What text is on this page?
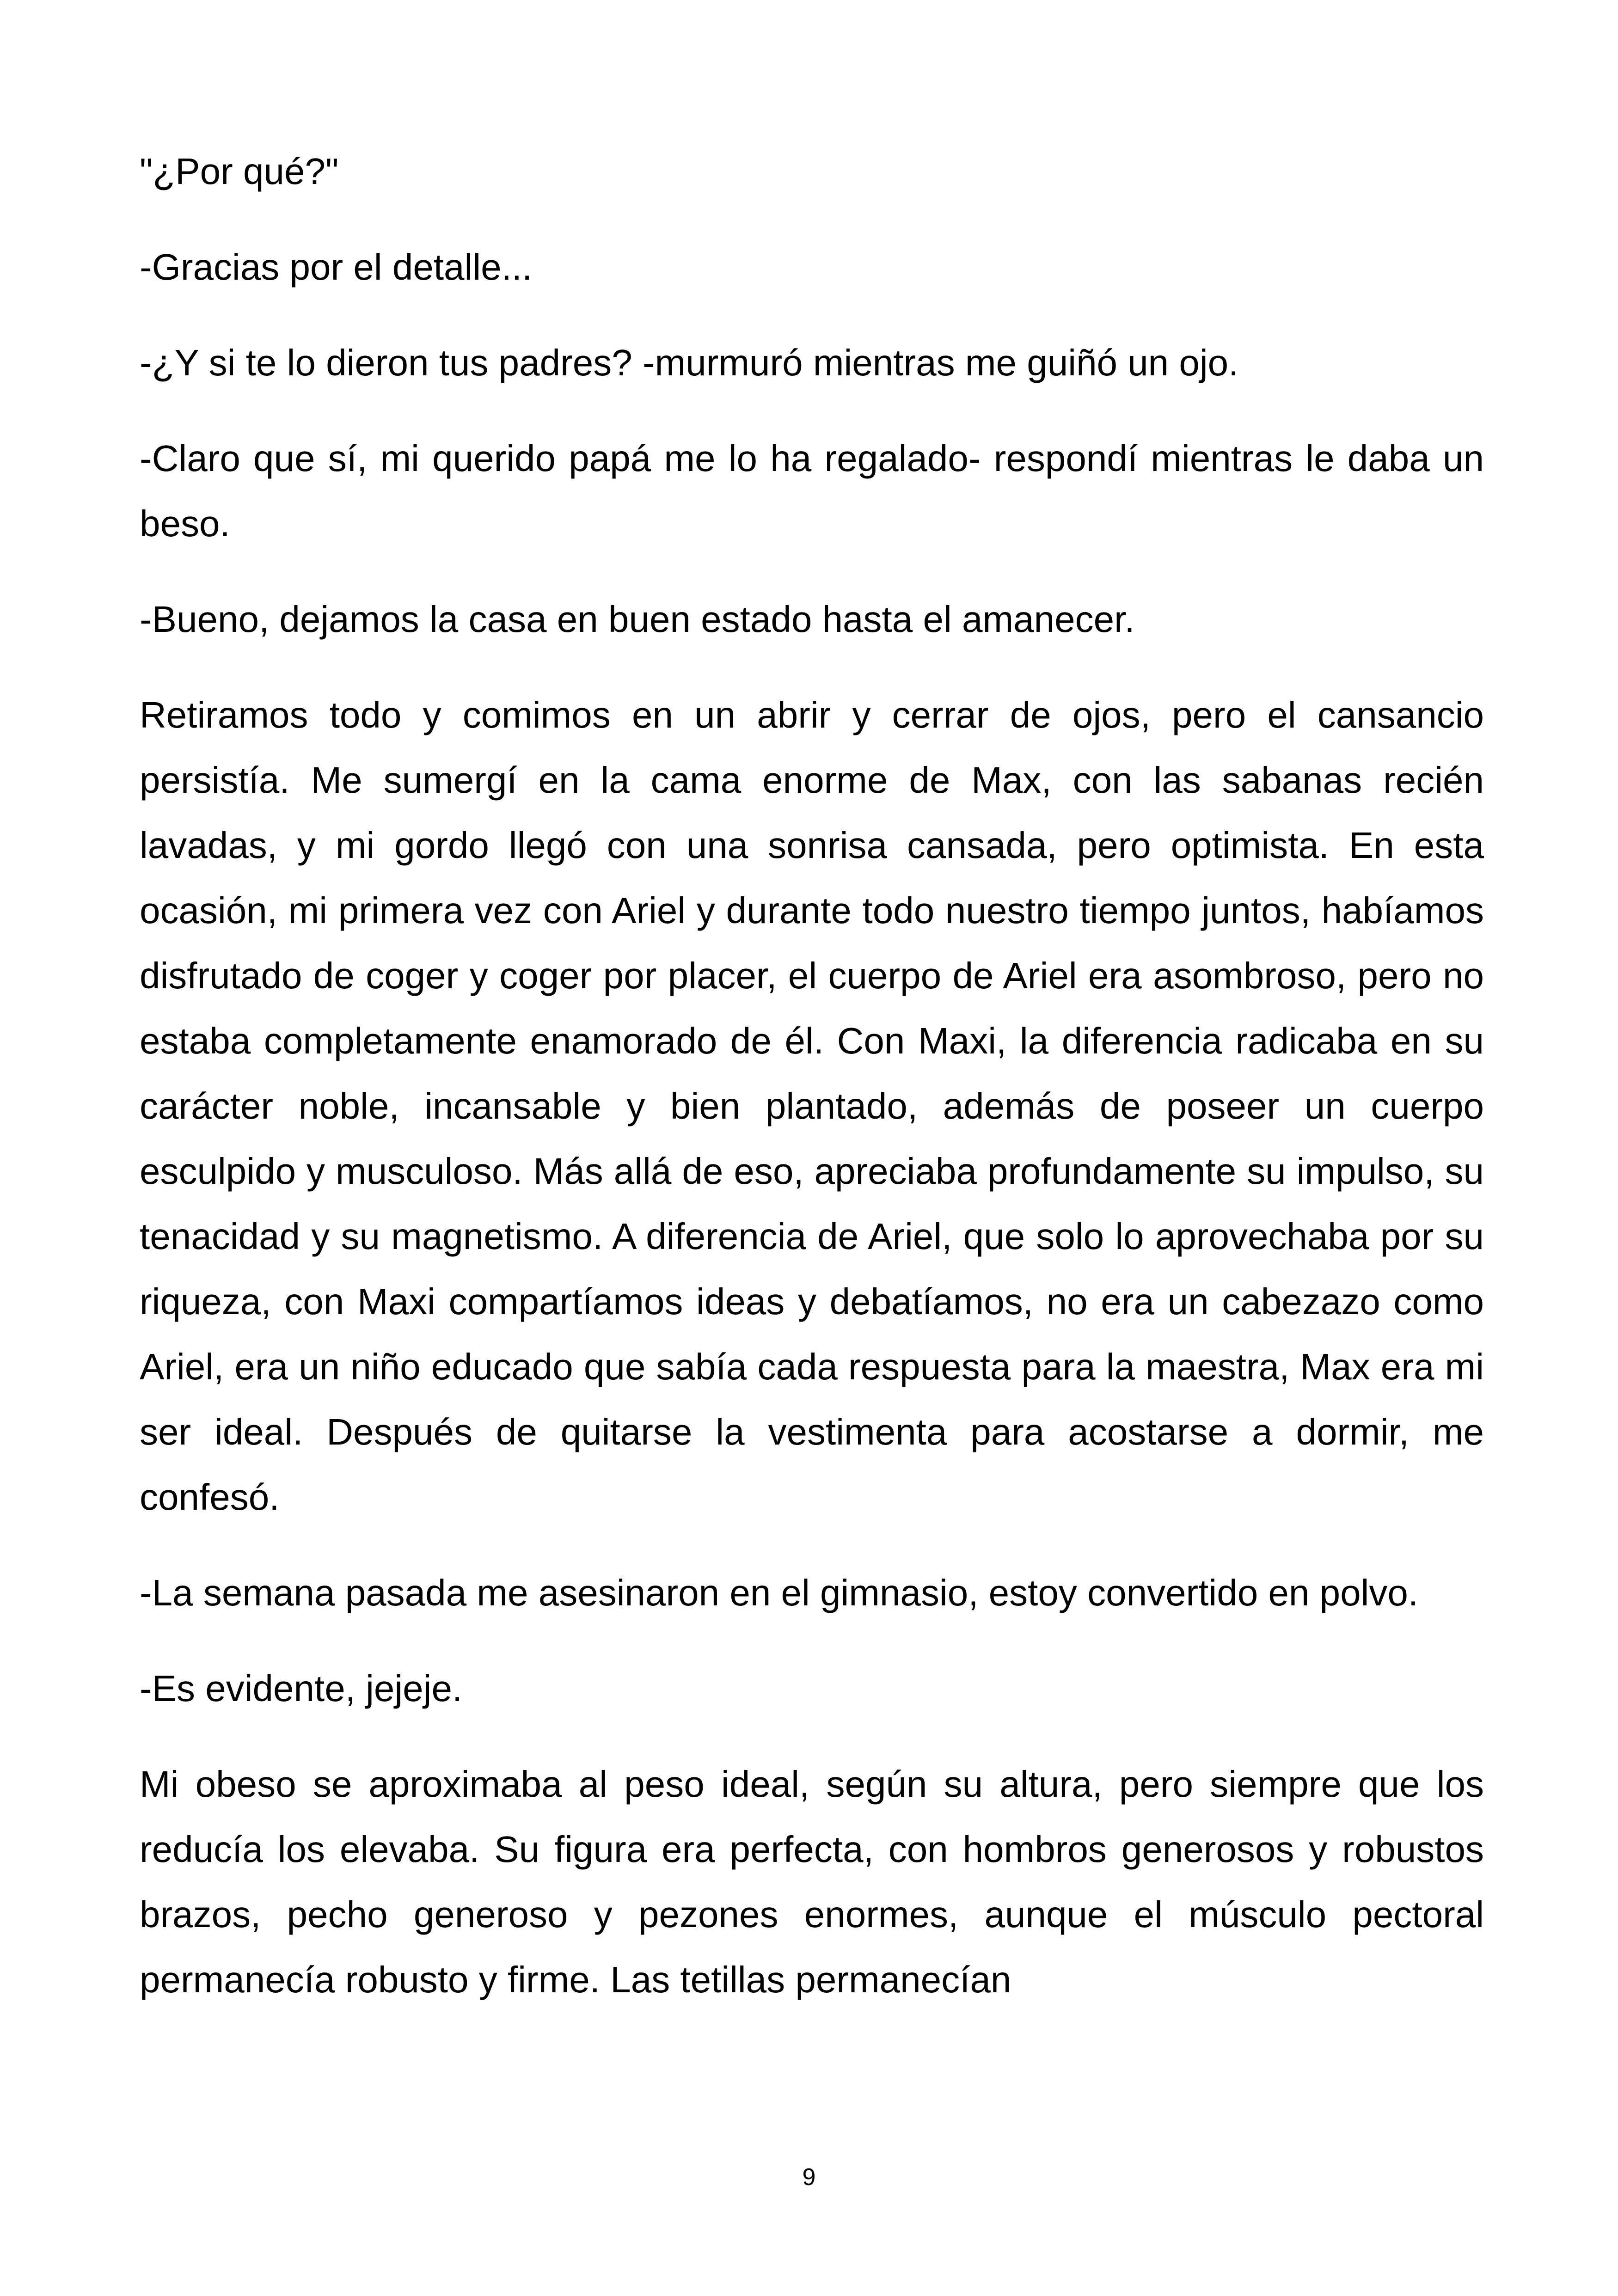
"¿Por qué?"

-Gracias por el detalle...

-¿Y si te lo dieron tus padres? -murmuró mientras me guiñó un ojo.

-Claro que sí, mi querido papá me lo ha regalado- respondí mientras le daba un beso.

-Bueno, dejamos la casa en buen estado hasta el amanecer.

Retiramos todo y comimos en un abrir y cerrar de ojos, pero el cansancio persistía. Me sumergí en la cama enorme de Max, con las sabanas recién lavadas, y mi gordo llegó con una sonrisa cansada, pero optimista. En esta ocasión, mi primera vez con Ariel y durante todo nuestro tiempo juntos, habíamos disfrutado de coger y coger por placer, el cuerpo de Ariel era asombroso, pero no estaba completamente enamorado de él. Con Maxi, la diferencia radicaba en su carácter noble, incansable y bien plantado, además de poseer un cuerpo esculpido y musculoso. Más allá de eso, apreciaba profundamente su impulso, su tenacidad y su magnetismo. A diferencia de Ariel, que solo lo aprovechaba por su riqueza, con Maxi compartíamos ideas y debatíamos, no era un cabezazo como Ariel, era un niño educado que sabía cada respuesta para la maestra, Max era mi ser ideal. Después de quitarse la vestimenta para acostarse a dormir, me confesó.

-La semana pasada me asesinaron en el gimnasio, estoy convertido en polvo.

-Es evidente, jejeje.

Mi obeso se aproximaba al peso ideal, según su altura, pero siempre que los reducía los elevaba. Su figura era perfecta, con hombros generosos y robustos brazos, pecho generoso y pezones enormes, aunque el músculo pectoral permanecía robusto y firme. Las tetillas permanecían

9
